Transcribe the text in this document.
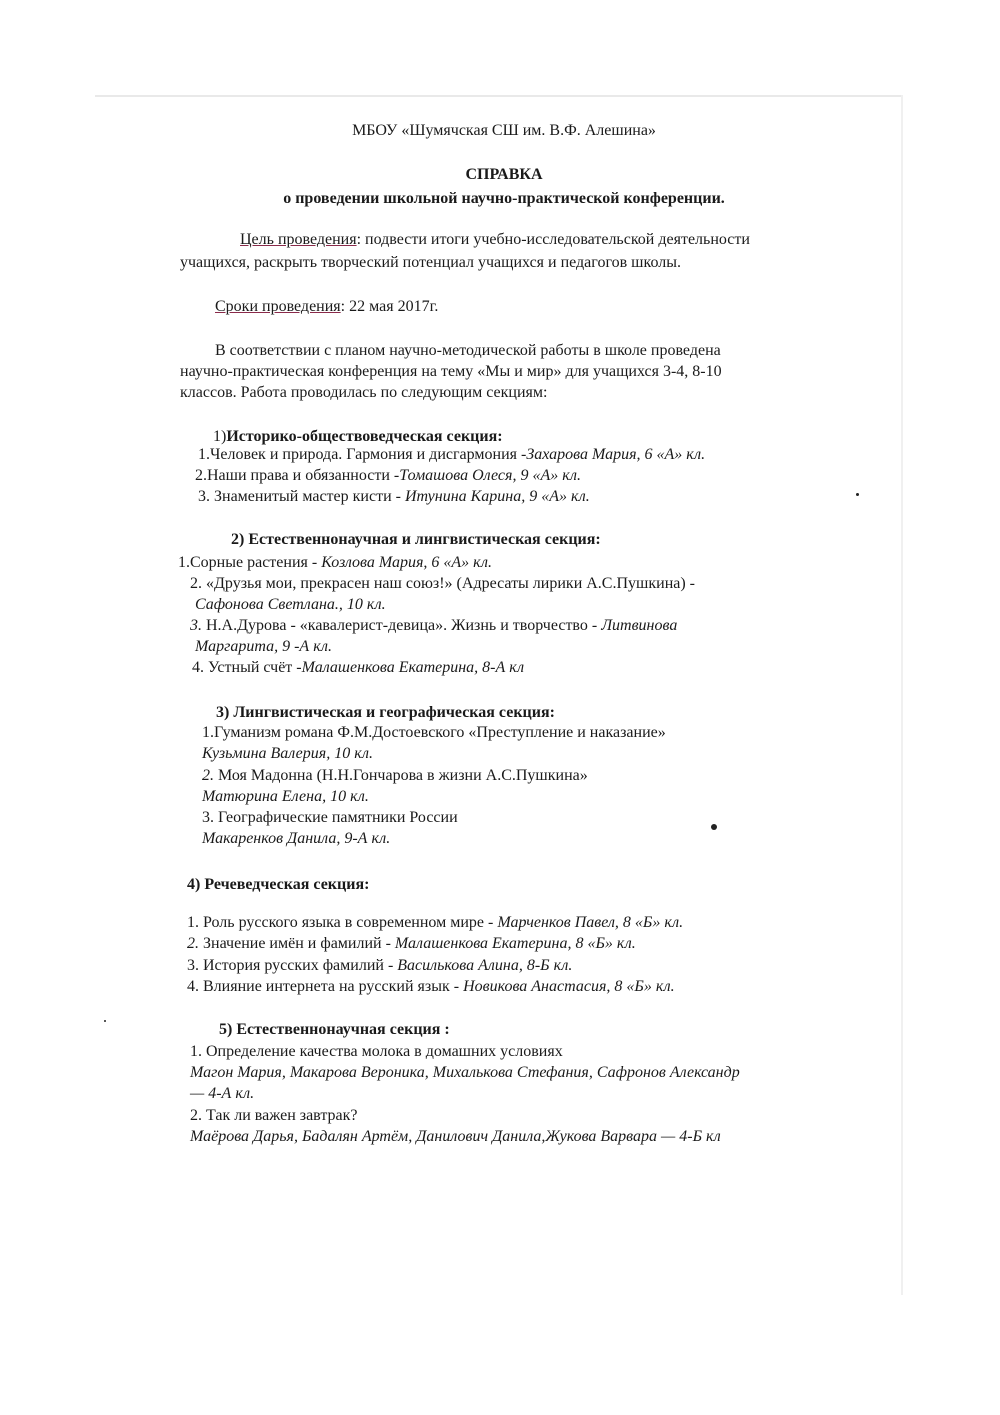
МБОУ «Шумячская СШ им. В.Ф. Алешина»
СПРАВКА
о проведении школьной научно-практической конференции.
Цель проведения: подвести итоги учебно-исследовательской деятельности
учащихся, раскрыть творческий потенциал учащихся и педагогов школы.
Сроки проведения: 22 мая 2017г.
В соответствии с планом научно-методической работы в школе проведена
научно-практическая конференция на тему «Мы и мир» для учащихся 3-4, 8-10
классов. Работа проводилась по следующим секциям:
1)Историко-обществоведческая секция:
1.Человек и природа. Гармония и дисгармония -Захарова Мария, 6 «А» кл.
2.Наши права и обязанности -Томашова Олеся, 9 «А» кл.
3. Знаменитый мастер кисти - Итунина Карина, 9 «А» кл.
2) Естественнонаучная и лингвистическая секция:
1.Сорные растения - Козлова Мария, 6 «А» кл.
2. «Друзья мои, прекрасен наш союз!» (Адресаты лирики А.С.Пушкина) -
Сафонова Светлана., 10 кл.
3. Н.А.Дурова - «кавалерист-девица». Жизнь и творчество - Литвинова
Маргарита, 9 -А кл.
4. Устный счёт -Малашенкова Екатерина, 8-А кл
3) Лингвистическая и географическая секция:
1.Гуманизм романа Ф.М.Достоевского «Преступление и наказание»
Кузьмина Валерия, 10 кл.
2. Моя Мадонна (Н.Н.Гончарова в жизни А.С.Пушкина»
Матюрина Елена, 10 кл.
3. Географические памятники России
Макаренков Данила, 9-А кл.
4) Речеведческая секция:
1. Роль русского языка в современном мире - Марченков Павел, 8 «Б» кл.
2. Значение имён и фамилий - Малашенкова Екатерина, 8 «Б» кл.
3. История русских фамилий - Василькова Алина, 8-Б кл.
4. Влияние интернета на русский язык - Новикова Анастасия, 8 «Б» кл.
5) Естественнонаучная секция :
1. Определение качества молока в домашних условиях
Магон Мария, Макарова Вероника, Михалькова Стефания, Сафронов Александр
— 4-А кл.
2. Так ли важен завтрак?
Маёрова Дарья, Бадалян Артём, Данилович Данила,Жукова Варвара — 4-Б кл
